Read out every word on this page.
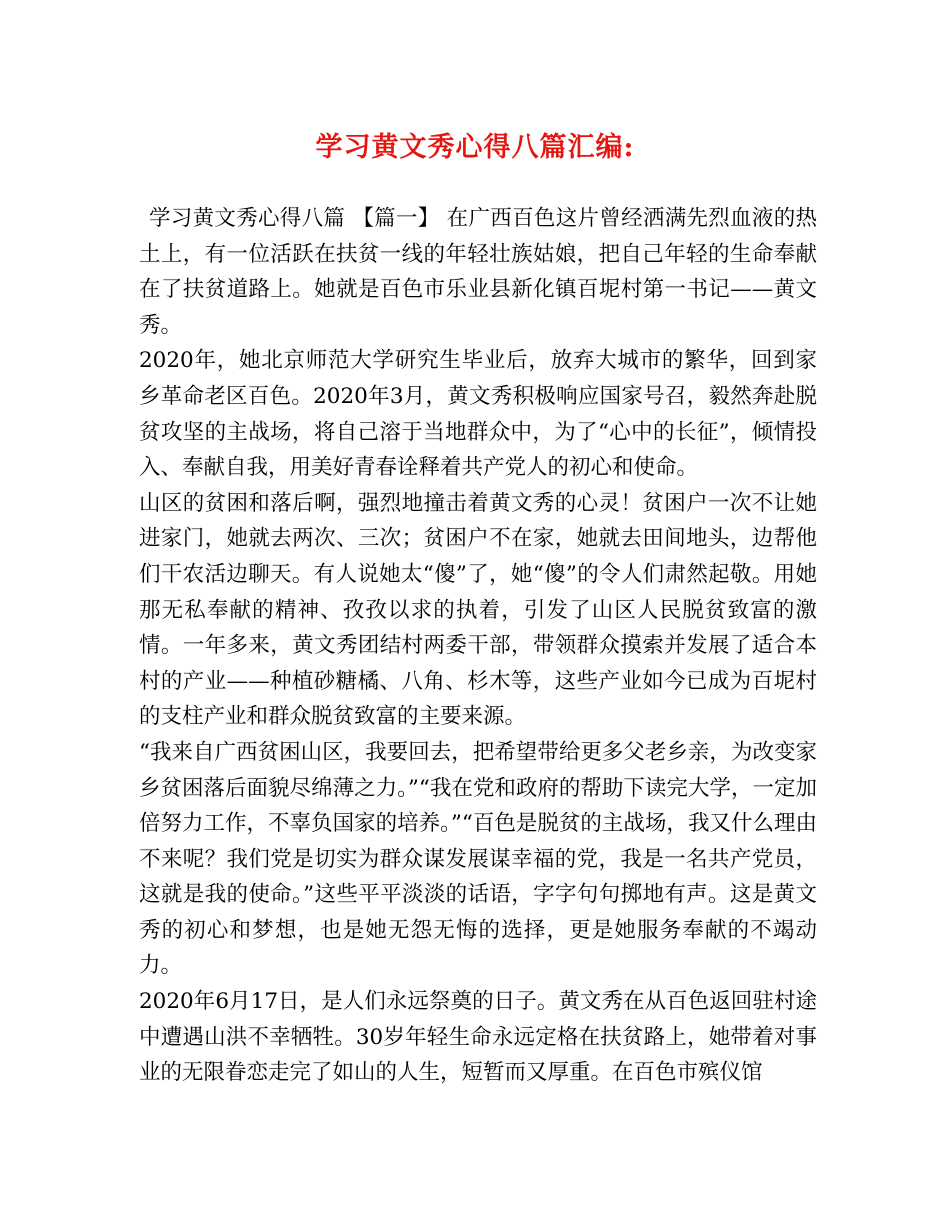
学习黄文秀心得八篇汇编:

学习黄文秀心得八篇 【篇一】 在广西百色这片曾经洒满先烈血液的热土上，有一位活跃在扶贫一线的年轻壮族姑娘，把自己年轻的生命奉献在了扶贫道路上。她就是百色市乐业县新化镇百坭村第一书记——黄文秀。

2020年，她北京师范大学研究生毕业后，放弃大城市的繁华，回到家乡革命老区百色。2020年3月，黄文秀积极响应国家号召，毅然奔赴脱贫攻坚的主战场，将自己溶于当地群众中，为了“心中的长征”，倾情投入、奉献自我，用美好青春诠释着共产党人的初心和使命。

山区的贫困和落后啊，强烈地撞击着黄文秀的心灵！贫困户一次不让她进家门，她就去两次、三次；贫困户不在家，她就去田间地头，边帮他们干农活边聊天。有人说她太“傻”了，她“傻”的令人们肃然起敬。用她那无私奉献的精神、孜孜以求的执着，引发了山区人民脱贫致富的激情。一年多来，黄文秀团结村两委干部，带领群众摸索并发展了适合本村的产业——种植砂糖橘、八角、杉木等，这些产业如今已成为百坭村的支柱产业和群众脱贫致富的主要来源。

“我来自广西贫困山区，我要回去，把希望带给更多父老乡亲，为改变家乡贫困落后面貌尽绵薄之力。”“我在党和政府的帮助下读完大学，一定加倍努力工作，不辜负国家的培养。”“百色是脱贫的主战场，我又什么理由不来呢？我们党是切实为群众谋发展谋幸福的党，我是一名共产党员，这就是我的使命。”这些平平淡淡的话语，字字句句掷地有声。这是黄文秀的初心和梦想，也是她无怨无悔的选择，更是她服务奉献的不竭动力。

2020年6月17日，是人们永远祭奠的日子。黄文秀在从百色返回驻村途中遭遇山洪不幸牺牲。30岁年轻生命永远定格在扶贫路上，她带着对事业的无限眷恋走完了如山的人生，短暂而又厚重。在百色市殡仪馆
